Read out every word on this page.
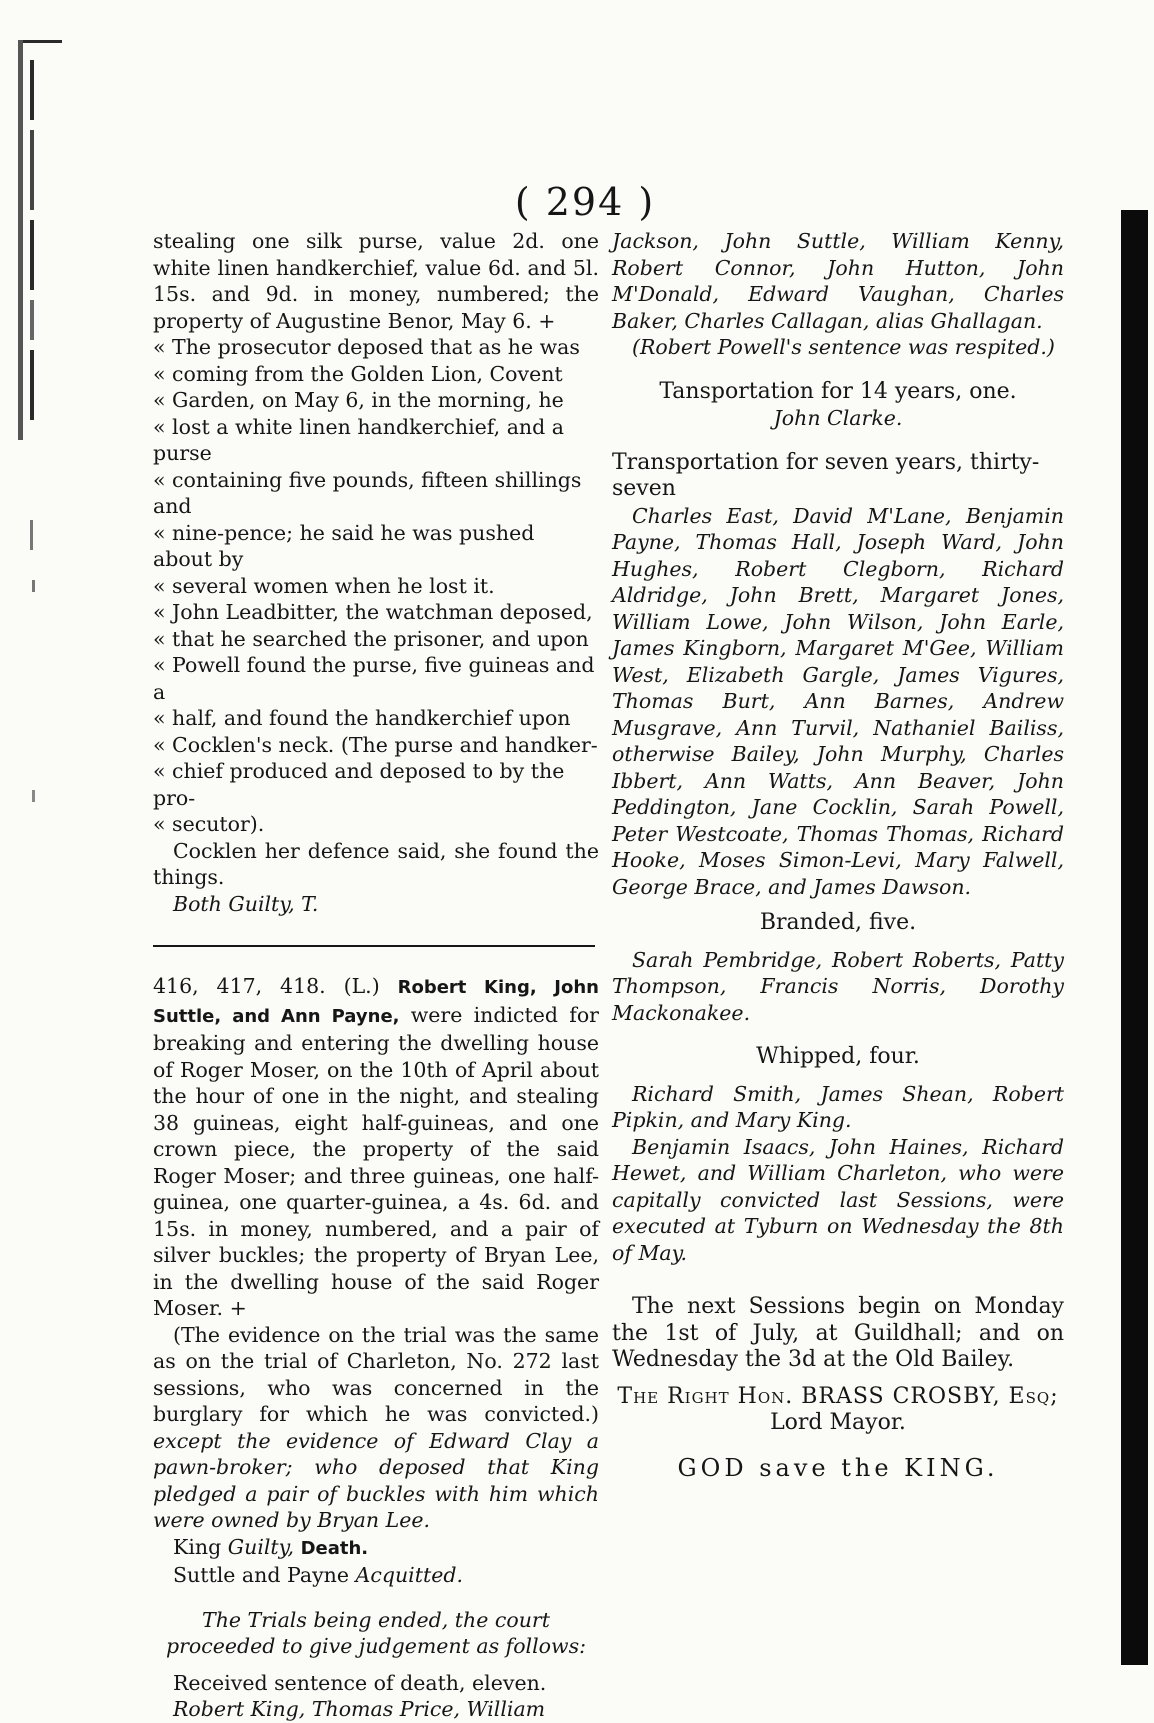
( 294 )

stealing one silk purse, value 2d. one white linen handkerchief, value 6d. and 5l. 15s. and 9d. in money, numbered; the property of Augustine Benor, May 6. +

« The prosecutor deposed that as he was

« coming from the Golden Lion, Covent

« Garden, on May 6, in the morning, he

« lost a white linen handkerchief, and a purse

« containing five pounds, fifteen shillings and

« nine-pence; he said he was pushed about by

« several women when he lost it.

« John Leadbitter, the watchman deposed,

« that he searched the prisoner, and upon

« Powell found the purse, five guineas and a

« half, and found the handkerchief upon

« Cocklen's neck. (The purse and handker-

« chief produced and deposed to by the pro-

« secutor).

Cocklen her defence said, she found the things.

Both Guilty, T.

416, 417, 418. (L.) Robert King, John Suttle, and Ann Payne, were indicted for breaking and entering the dwelling house of Roger Moser, on the 10th of April about the hour of one in the night, and stealing 38 guineas, eight half-guineas, and one crown piece, the property of the said Roger Moser; and three guineas, one half-guinea, one quarter-guinea, a 4s. 6d. and 15s. in money, numbered, and a pair of silver buckles; the property of Bryan Lee, in the dwelling house of the said Roger Moser. +

(The evidence on the trial was the same as on the trial of Charleton, No. 272 last sessions, who was concerned in the burglary for which he was convicted.) except the evidence of Edward Clay a pawn-broker; who deposed that King pledged a pair of buckles with him which were owned by Bryan Lee.

King Guilty, Death.

Suttle and Payne Acquitted.

The Trials being ended, the court proceeded to give judgement as follows:

Received sentence of death, eleven.

Robert King, Thomas Price, William

Jackson, John Suttle, William Kenny, Robert Connor, John Hutton, John M'Donald, Edward Vaughan, Charles Baker, Charles Callagan, alias Ghallagan.

(Robert Powell's sentence was respited.)

Tansportation for 14 years, one.

John Clarke.

Transportation for seven years, thirty-seven

Charles East, David M'Lane, Benjamin Payne, Thomas Hall, Joseph Ward, John Hughes, Robert Clegborn, Richard Aldridge, John Brett, Margaret Jones, William Lowe, John Wilson, John Earle, James Kingborn, Margaret M'Gee, William West, Elizabeth Gargle, James Vigures, Thomas Burt, Ann Barnes, Andrew Musgrave, Ann Turvil, Nathaniel Bailiss, otherwise Bailey, John Murphy, Charles Ibbert, Ann Watts, Ann Beaver, John Peddington, Jane Cocklin, Sarah Powell, Peter Westcoate, Thomas Thomas, Richard Hooke, Moses Simon-Levi, Mary Falwell, George Brace, and James Dawson.

Branded, five.

Sarah Pembridge, Robert Roberts, Patty Thompson, Francis Norris, Dorothy Mackonakee.

Whipped, four.

Richard Smith, James Shean, Robert Pipkin, and Mary King.

Benjamin Isaacs, John Haines, Richard Hewet, and William Charleton, who were capitally convicted last Sessions, were executed at Tyburn on Wednesday the 8th of May.

The next Sessions begin on Monday the 1st of July, at Guildhall; and on Wednesday the 3d at the Old Bailey.

The Right Hon. BRASS CROSBY, Esq;

Lord Mayor.

GOD save the KING.
